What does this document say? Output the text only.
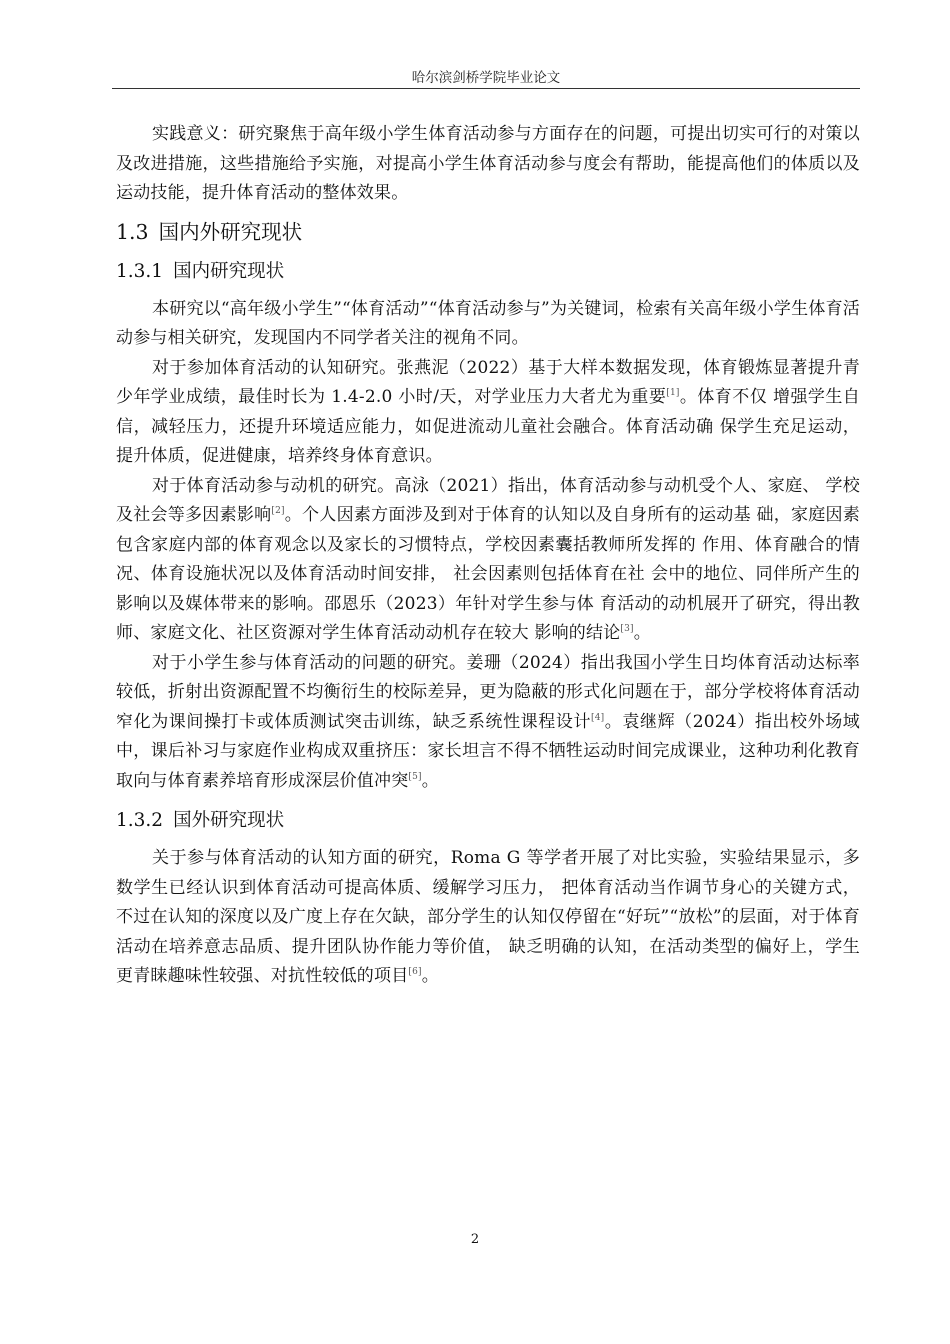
哈尔滨剑桥学院毕业论文

实践意义：研究聚焦于高年级小学生体育活动参与方面存在的问题，可提出切实可行的对策以及改进措施，这些措施给予实施，对提高小学生体育活动参与度会有帮助，能提高他们的体质以及运动技能，提升体育活动的整体效果。

1.3 国内外研究现状
1.3.1 国内研究现状

本研究以“高年级小学生”“体育活动”“体育活动参与”为关键词，检索有关高年级小学生体育活动参与相关研究，发现国内不同学者关注的视角不同。

对于参加体育活动的认知研究。张燕泥（2022）基于大样本数据发现，体育锻炼显著提升青少年学业成绩，最佳时长为 1.4-2.0 小时/天，对学业压力大者尤为重要[1]。体育不仅 增强学生自信，减轻压力，还提升环境适应能力，如促进流动儿童社会融合。体育活动确 保学生充足运动，提升体质，促进健康，培养终身体育意识。

对于体育活动参与动机的研究。高泳（2021）指出，体育活动参与动机受个人、家庭、 学校及社会等多因素影响[2]。个人因素方面涉及到对于体育的认知以及自身所有的运动基 础，家庭因素包含家庭内部的体育观念以及家长的习惯特点，学校因素囊括教师所发挥的 作用、体育融合的情况、体育设施状况以及体育活动时间安排， 社会因素则包括体育在社 会中的地位、同伴所产生的影响以及媒体带来的影响。邵恩乐（2023）年针对学生参与体 育活动的动机展开了研究，得出教师、家庭文化、社区资源对学生体育活动动机存在较大 影响的结论[3]。

对于小学生参与体育活动的问题的研究。姜珊（2024）指出我国小学生日均体育活动达标率较低，折射出资源配置不均衡衍生的校际差异，更为隐蔽的形式化问题在于，部分学校将体育活动窄化为课间操打卡或体质测试突击训练，缺乏系统性课程设计[4]。袁继辉（2024）指出校外场域中，课后补习与家庭作业构成双重挤压：家长坦言不得不牺牲运动时间完成课业，这种功利化教育取向与体育素养培育形成深层价值冲突[5]。

1.3.2 国外研究现状

关于参与体育活动的认知方面的研究，Roma G 等学者开展了对比实验，实验结果显示，多数学生已经认识到体育活动可提高体质、缓解学习压力， 把体育活动当作调节身心的关键方式，不过在认知的深度以及广度上存在欠缺，部分学生的认知仅停留在“好玩”“放松”的层面，对于体育活动在培养意志品质、提升团队协作能力等价值， 缺乏明确的认知，在活动类型的偏好上，学生更青睐趣味性较强、对抗性较低的项目[6]。

2
